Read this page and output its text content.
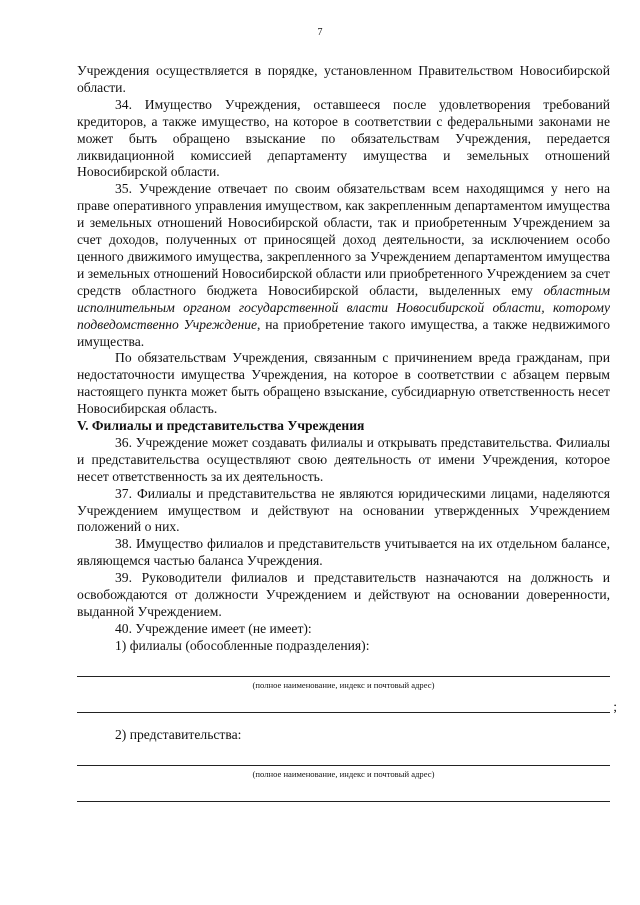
7

Учреждения осуществляется в порядке, установленном Правительством Новосибирской области.

34. Имущество Учреждения, оставшееся после удовлетворения требований кредиторов, а также имущество, на которое в соответствии с федеральными законами не может быть обращено взыскание по обязательствам Учреждения, передается ликвидационной комиссией департаменту имущества и земельных отношений Новосибирской области.

35. Учреждение отвечает по своим обязательствам всем находящимся у него на праве оперативного управления имуществом, как закрепленным департаментом имущества и земельных отношений Новосибирской области, так и приобретенным Учреждением за счет доходов, полученных от приносящей доход деятельности, за исключением особо ценного движимого имущества, закрепленного за Учреждением департаментом имущества и земельных отношений Новосибирской области или приобретенного Учреждением за счет средств областного бюджета Новосибирской области, выделенных ему областным исполнительным органом государственной власти Новосибирской области, которому подведомственно Учреждение, на приобретение такого имущества, а также недвижимого имущества.

По обязательствам Учреждения, связанным с причинением вреда гражданам, при недостаточности имущества Учреждения, на которое в соответствии с абзацем первым настоящего пункта может быть обращено взыскание, субсидиарную ответственность несет Новосибирская область.

V. Филиалы и представительства Учреждения

36. Учреждение может создавать филиалы и открывать представительства. Филиалы и представительства осуществляют свою деятельность от имени Учреждения, которое несет ответственность за их деятельность.

37. Филиалы и представительства не являются юридическими лицами, наделяются Учреждением имуществом и действуют на основании утвержденных Учреждением положений о них.

38. Имущество филиалов и представительств учитывается на их отдельном балансе, являющемся частью баланса Учреждения.

39. Руководители филиалов и представительств назначаются на должность и освобождаются от должности Учреждением и действуют на основании доверенности, выданной Учреждением.

40. Учреждение имеет (не имеет):

1) филиалы (обособленные подразделения):

(полное наименование, индекс и почтовый адрес)
;

2) представительства:

(полное наименование, индекс и почтовый адрес)
